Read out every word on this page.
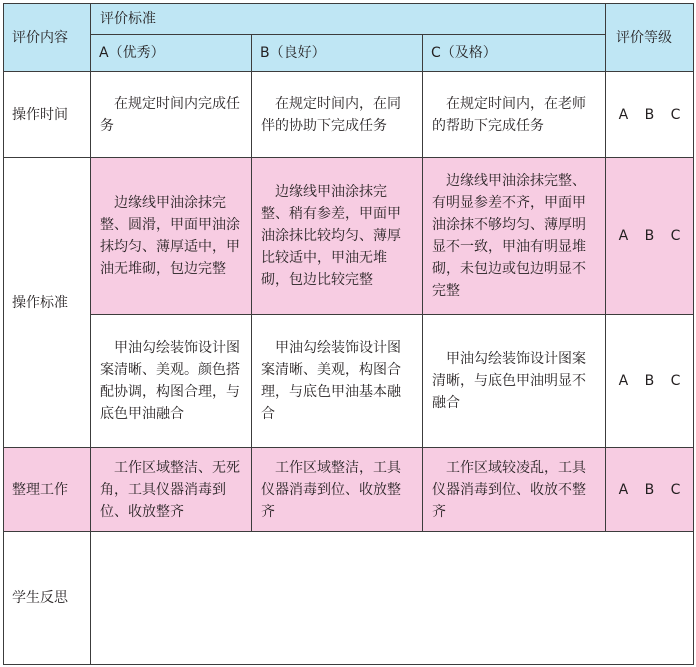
评价内容	评价标准			评价等级
	A（优秀）	B（良好）	C（及格）	
操作时间	在规定时间内完成任务	在规定时间内，在同伴的协助下完成任务	在规定时间内，在老师的帮助下完成任务	A B C
操作标准	边缘线甲油涂抹完整、圆滑，甲面甲油涂抹均匀、薄厚适中，甲油无堆砌，包边完整	边缘线甲油涂抹完整、稍有参差，甲面甲油涂抹比较均匀、薄厚比较适中，甲油无堆砌，包边比较完整	边缘线甲油涂抹完整、有明显参差不齐，甲面甲油涂抹不够均匀、薄厚明显不一致，甲油有明显堆砌，未包边或包边明显不完整	A B C
	甲油勾绘装饰设计图案清晰、美观。颜色搭配协调，构图合理，与底色甲油融合	甲油勾绘装饰设计图案清晰、美观，构图合理，与底色甲油基本融合	甲油勾绘装饰设计图案清晰，与底色甲油明显不融合	A B C
整理工作	工作区域整洁、无死角，工具仪器消毒到位、收放整齐	工作区域整洁，工具仪器消毒到位、收放整齐	工作区域较凌乱，工具仪器消毒到位、收放不整齐	A B C
学生反思				
